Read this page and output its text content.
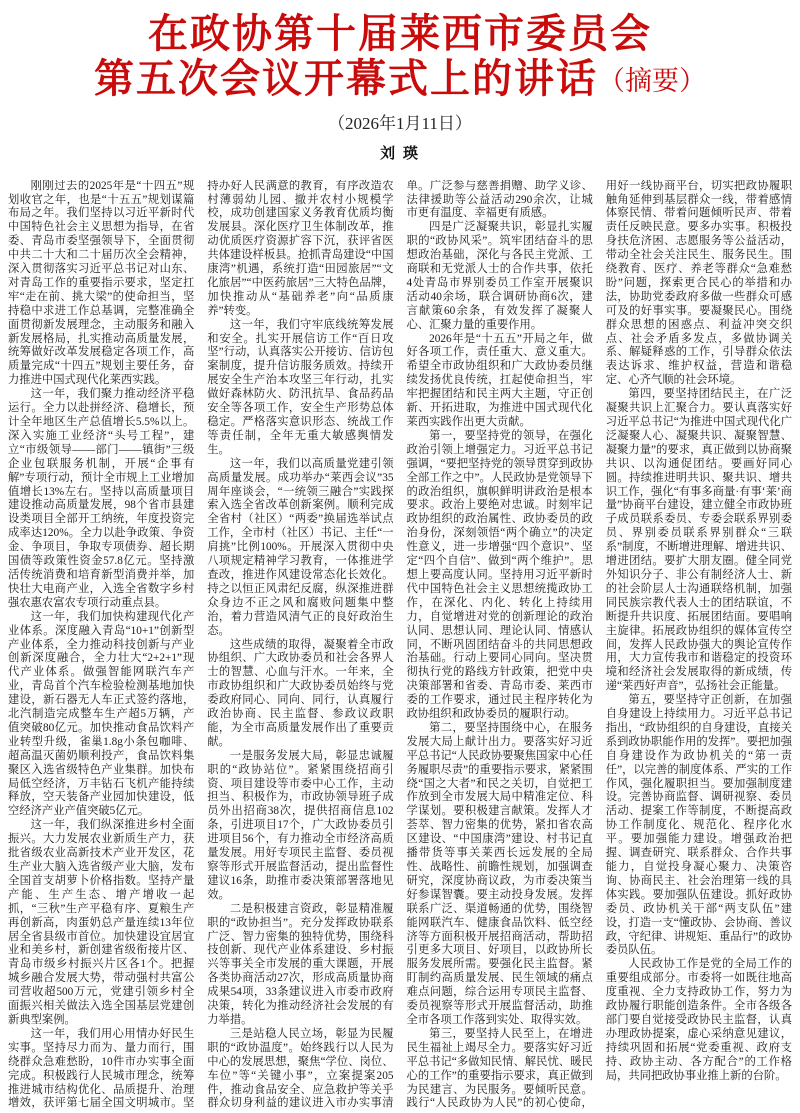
在政协第十届莱西市委员会
第五次会议开幕式上的讲话（摘要）
（2026年1月11日）
刘 瑛

刚刚过去的2025年是“十四五”规划收官之年，也是“十五五”规划谋篇布局之年。我们坚持以习近平新时代中国特色社会主义思想为指导，在省委、青岛市委坚强领导下，全面贯彻中共二十大和二十届历次全会精神，深入贯彻落实习近平总书记对山东、对青岛工作的重要指示要求，坚定扛牢“走在前、挑大梁”的使命担当，坚持稳中求进工作总基调，完整准确全面贯彻新发展理念，主动服务和融入新发展格局，扎实推动高质量发展，统筹做好改革发展稳定各项工作，高质量完成“十四五”规划主要任务，奋力推进中国式现代化莱西实践。

这一年，我们聚力推动经济平稳运行。全力以赴拼经济、稳增长，预计全年地区生产总值增长5.5%以上。深入实施工业经济“头号工程”，建立“市级领导——部门——镇街”三级企业包联服务机制，开展“企事有解”专项行动，预计全市规上工业增加值增长13%左右。坚持以高质量项目建设推动高质量发展，98个省市县建设类项目全部开工纳统，年度投资完成率达120%。全力以赴争政策、争资金、争项目，争取专项债券、超长期国债等政策性资金57.8亿元。坚持激活传统消费和培育新型消费并举，加快壮大电商产业，入选全省数字乡村强农惠农富农专项行动重点县。

这一年，我们加快构建现代化产业体系。深度融入青岛“10+1”创新型产业体系，全力推动科技创新与产业创新深度融合，全力壮大“2+2+1”现代产业体系。做强智能网联汽车产业，青岛首个汽车检验检测基地加快建设，新石器无人车正式签约落地，北汽制造完成整车生产超5万辆，产值突破80亿元。加快推动食品饮料产业转型升级，雀巢1.8g小条包咖啡、超高温灭菌奶顺利投产，食品饮料集聚区入选省级特色产业集群。加快布局低空经济，万丰钻石飞机产能持续释放，空天装备产业园加快建设，低空经济产业产值突破5亿元。

这一年，我们纵深推进乡村全面振兴。大力发展农业新质生产力，获批省级农业高新技术产业开发区，花生产业大脑入选省级产业大脑，发布全国首支胡萝卜价格指数。坚持产量产能、生产生态、增产增收一起抓，“三秋”生产平稳有序、夏粮生产再创新高，肉蛋奶总产量连续13年位居全省县级市首位。加快建设宜居宜业和美乡村，新创建省级衔接片区、青岛市级乡村振兴片区各1个。把握城乡融合发展大势，带动强村共富公司营收超500万元，党建引领乡村全面振兴相关做法入选全国基层党建创新典型案例。

这一年，我们用心用情办好民生实事。坚持尽力而为、量力而行，围绕群众急难愁盼，10件市办实事全面完成。积极践行人民城市理念，统筹推进城市结构优化、品质提升、治理增效，获评第七届全国文明城市。坚持办好人民满意的教育，有序改造农村薄弱幼儿园、撤并农村小规模学校，成功创建国家义务教育优质均衡发展县。深化医疗卫生体制改革，推动优质医疗资源扩容下沉，获评省医共体建设样板县。抢抓青岛建设“中国康湾”机遇，系统打造“田园旅居”“文化旅居”“中医药旅居”三大特色品牌，加快推动从“基础养老”向“品质康养”转变。

这一年，我们守牢底线统筹发展和安全。扎实开展信访工作“百日攻坚”行动，认真落实公开接访、信访包案制度，提升信访服务质效。持续开展安全生产治本攻坚三年行动，扎实做好森林防火、防汛抗旱、食品药品安全等各项工作，安全生产形势总体稳定。严格落实意识形态、统战工作等责任制，全年无重大敏感舆情发生。

这一年，我们以高质量党建引领高质量发展。成功举办“莱西会议”35周年座谈会，“一统领三融合”实践探索入选全省改革创新案例。顺利完成全省村（社区）“两委”换届选举试点工作，全市村（社区）书记、主任“一肩挑”比例100%。开展深入贯彻中央八项规定精神学习教育，一体推进学查改，推进作风建设常态化长效化。持之以恒正风肃纪反腐，纵深推进群众身边不正之风和腐败问题集中整治，着力营造风清气正的良好政治生态。

这些成绩的取得，凝聚着全市政协组织、广大政协委员和社会各界人士的智慧、心血与汗水。一年来，全市政协组织和广大政协委员始终与党委政府同心、同向、同行，认真履行政治协商、民主监督、参政议政职能，为全市高质量发展作出了重要贡献。

一是服务发展大局，彰显忠诚履职的“政协站位”。紧紧围绕招商引资、项目建设等市委中心工作，主动担当、积极作为，市政协领导班子成员外出招商38次，提供招商信息102条，引进项目17个，广大政协委员引进项目56个，有力推动全市经济高质量发展。用好专项民主监督、委员视察等形式开展监督活动，提出监督性建议16条，助推市委决策部署落地见效。

二是积极建言资政，彰显精准履职的“政协担当”。充分发挥政协联系广泛、智力密集的独特优势，围绕科技创新、现代产业体系建设、乡村振兴等事关全市发展的重大课题，开展各类协商活动27次，形成高质量协商成果54项，33条建议进入市委市政府决策，转化为推动经济社会发展的有力举措。

三是站稳人民立场，彰显为民履职的“政协温度”。始终践行以人民为中心的发展思想，聚焦“学位、岗位、车位”等“关键小事”，立案提案205件，推动食品安全、应急救护等关乎群众切身利益的建议进入市办实事清单。广泛参与慈善捐赠、助学义诊、法律援助等公益活动290余次，让城市更有温度、幸福更有质感。

四是广泛凝聚共识，彰显扎实履职的“政协风采”。筑牢团结奋斗的思想政治基础，深化与各民主党派、工商联和无党派人士的合作共事，依托4处青岛市界别委员工作室开展聚识活动40余场，联合调研协商6次，建言献策60余条，有效发挥了凝聚人心、汇聚力量的重要作用。

2026年是“十五五”开局之年，做好各项工作，责任重大、意义重大。希望全市政协组织和广大政协委员继续发扬优良传统，扛起使命担当，牢牢把握团结和民主两大主题，守正创新、开拓进取，为推进中国式现代化莱西实践作出更大贡献。

第一，要坚持党的领导，在强化政治引领上增强定力。习近平总书记强调，“要把坚持党的领导贯穿到政协全部工作之中”。人民政协是党领导下的政治组织，旗帜鲜明讲政治是根本要求。政治上要绝对忠诚。时刻牢记政协组织的政治属性、政协委员的政治身份，深刻领悟“两个确立”的决定性意义，进一步增强“四个意识”、坚定“四个自信”、做到“两个维护”。思想上要高度认同。坚持用习近平新时代中国特色社会主义思想统揽政协工作，在深化、内化、转化上持续用力，自觉增进对党的创新理论的政治认同、思想认同、理论认同、情感认同，不断巩固团结奋斗的共同思想政治基础。行动上要同心同向。坚决贯彻执行党的路线方针政策，把党中央决策部署和省委、青岛市委、莱西市委的工作要求，通过民主程序转化为政协组织和政协委员的履职行动。

第二，要坚持围绕中心，在服务发展大局上献计出力。要落实好习近平总书记“人民政协要聚焦国家中心任务履职尽责”的重要指示要求，紧紧围绕“国之大者”和民之关切，自觉把工作放到全市发展大局中精准定位、科学谋划。要积极建言献策。发挥人才荟萃、智力密集的优势，紧扣省农高区建设、“中国康湾”建设、村书记直播带货等事关莱西长远发展的全局性、战略性、前瞻性规划，加强调查研究，深度协商议政，为市委决策当好参谋智囊。要主动投身发展。发挥联系广泛、渠道畅通的优势，围绕智能网联汽车、健康食品饮料、低空经济等方面积极开展招商活动，帮助招引更多大项目、好项目，以政协所长服务发展所需。要强化民主监督。紧盯制约高质量发展、民生领域的痛点难点问题，综合运用专项民主监督、委员视察等形式开展监督活动，助推全市各项工作落到实处、取得实效。

第三，要坚持人民至上，在增进民生福祉上竭尽全力。要落实好习近平总书记“多做知民情、解民忧、暖民心的工作”的重要指示要求，真正做到为民建言、为民服务。要倾听民意。践行“人民政协为人民”的初心使命，用好一线协商平台，切实把政协履职触角延伸到基层群众一线，带着感情体察民情、带着问题倾听民声、带着责任反映民意。要多办实事。积极投身扶危济困、志愿服务等公益活动，带动全社会关注民生、服务民生。围绕教育、医疗、养老等群众“急难愁盼”问题，探索更合民心的举措和办法，协助党委政府多做一些群众可感可及的好事实事。要凝聚民心。围绕群众思想的困惑点、利益冲突交织点、社会矛盾多发点，多做协调关系、解疑释惑的工作，引导群众依法表达诉求、维护权益，营造和谐稳定、心齐气顺的社会环境。

第四，要坚持团结民主，在广泛凝聚共识上汇聚合力。要认真落实好习近平总书记“为推进中国式现代化广泛凝聚人心、凝聚共识、凝聚智慧、凝聚力量”的要求，真正做到以协商聚共识、以沟通促团结。要画好同心圆。持续推进明共识、聚共识、增共识工作，强化“有事多商量·有事‘莱’商量”协商平台建设，建立健全市政协班子成员联系委员、专委会联系界别委员、界别委员联系界别群众“三联系”制度，不断增进理解、增进共识、增进团结。要扩大朋友圈。健全同党外知识分子、非公有制经济人士、新的社会阶层人士沟通联络机制，加强同民族宗教代表人士的团结联谊，不断提升共识度、拓展团结面。要唱响主旋律。拓展政协组织的媒体宣传空间，发挥人民政协强大的舆论宣传作用，大力宣传我市和谐稳定的投资环境和经济社会发展取得的新成绩，传递“莱西好声音”，弘扬社会正能量。

第五，要坚持守正创新，在加强自身建设上持续用力。习近平总书记指出，“政协组织的自身建设，直接关系到政协职能作用的发挥”。要把加强自身建设作为政协机关的“第一责任”，以完善的制度体系、严实的工作作风，强化履职担当。要加强制度建设。完善协商监督、调研视察、委员活动、提案工作等制度，不断提高政协工作制度化、规范化、程序化水平。要加强能力建设。增强政治把握、调查研究、联系群众、合作共事能力，自觉投身凝心聚力、决策咨询、协商民主、社会治理第一线的具体实践。要加强队伍建设。抓好政协委员、政协机关干部“两支队伍”建设，打造一支“懂政协、会协商、善议政，守纪律、讲规矩、重品行”的政协委员队伍。

人民政协工作是党的全局工作的重要组成部分。市委将一如既往地高度重视、全力支持政协工作，努力为政协履行职能创造条件。全市各级各部门要自觉接受政协民主监督，认真办理政协提案，虚心采纳意见建议，持续巩固和拓展“党委重视、政府支持、政协主动、各方配合”的工作格局，共同把政协事业推上新的台阶。
